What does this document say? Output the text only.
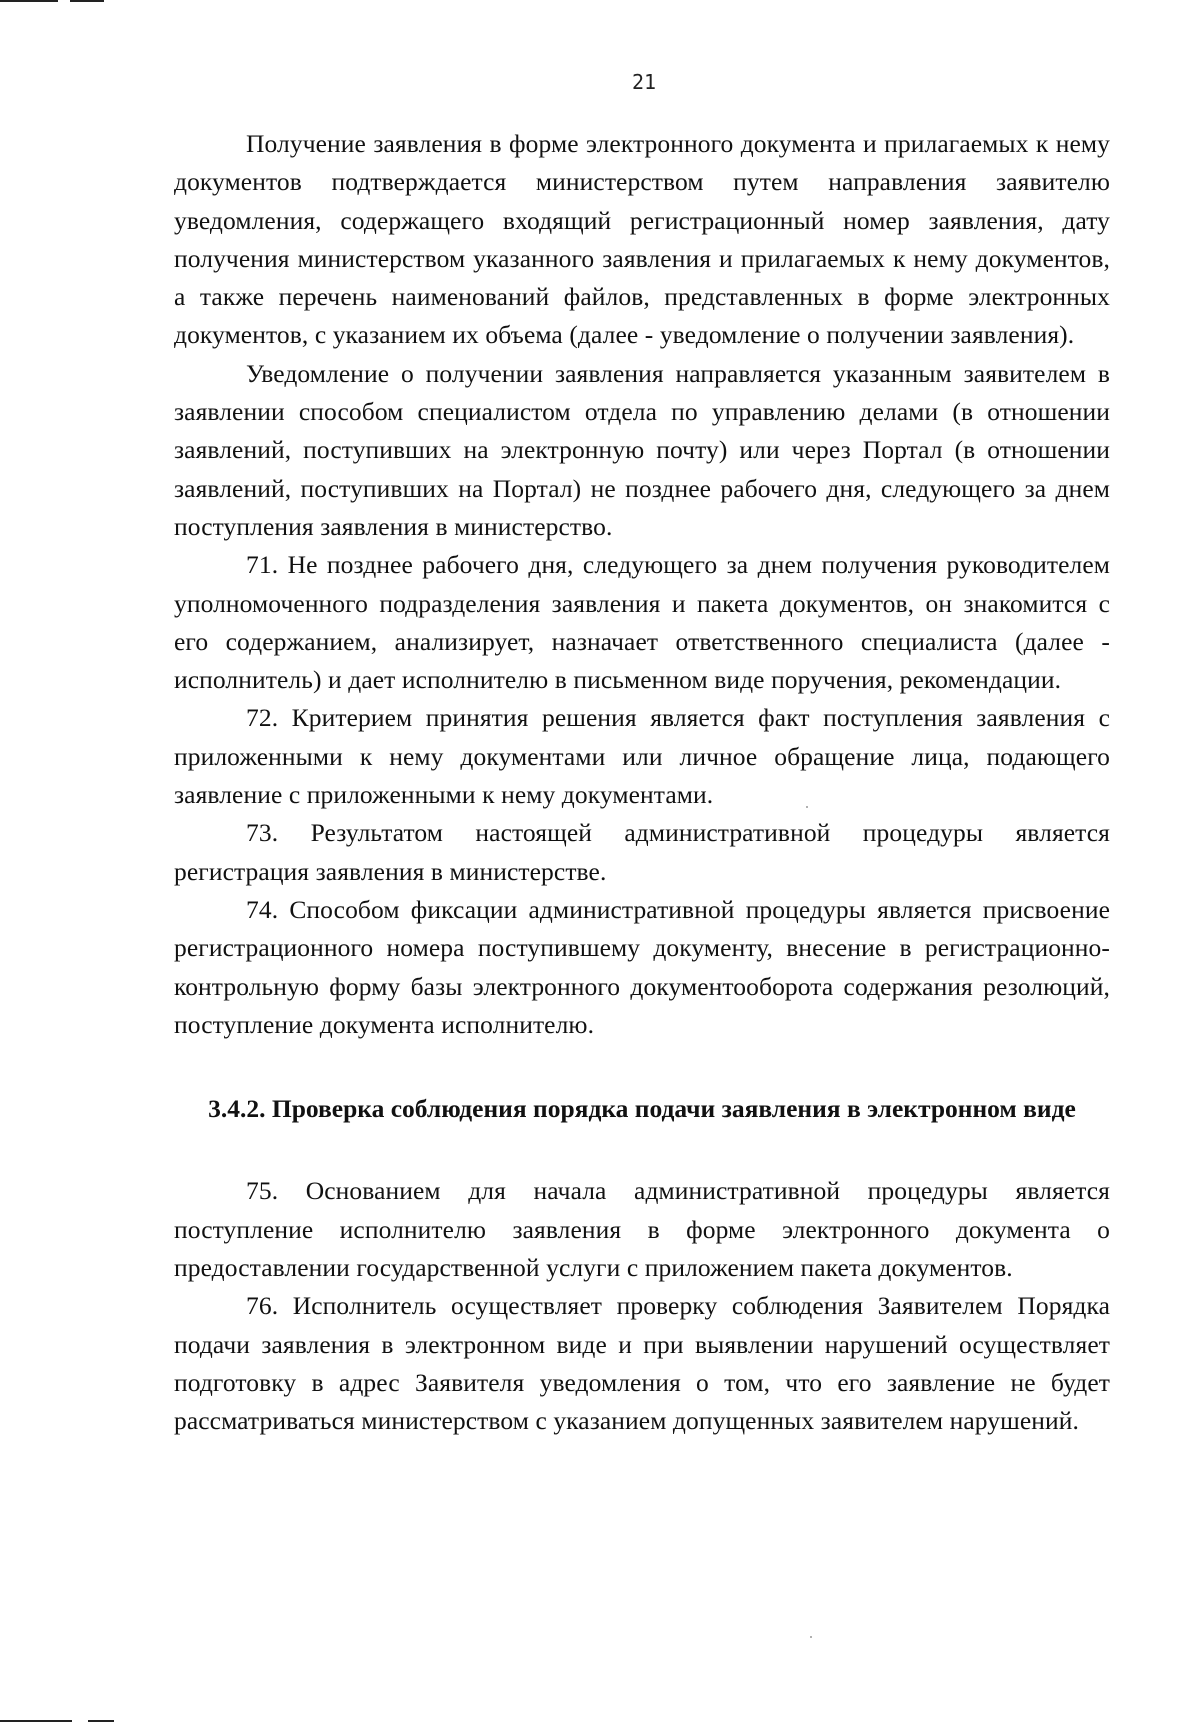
21

Получение заявления в форме электронного документа и прилагаемых к нему документов подтверждается министерством путем направления заявителю уведомления, содержащего входящий регистрационный номер заявления, дату получения министерством указанного заявления и прилагаемых к нему документов, а также перечень наименований файлов, представленных в форме электронных документов, с указанием их объема (далее - уведомление о получении заявления).

Уведомление о получении заявления направляется указанным заявителем в заявлении способом специалистом отдела по управлению делами (в отношении заявлений, поступивших на электронную почту) или через Портал (в отношении заявлений, поступивших на Портал) не позднее рабочего дня, следующего за днем поступления заявления в министерство.

71. Не позднее рабочего дня, следующего за днем получения руководителем уполномоченного подразделения заявления и пакета документов, он знакомится с его содержанием, анализирует, назначает ответственного специалиста (далее - исполнитель) и дает исполнителю в письменном виде поручения, рекомендации.

72. Критерием принятия решения является факт поступления заявления с приложенными к нему документами или личное обращение лица, подающего заявление с приложенными к нему документами.

73. Результатом настоящей административной процедуры является регистрация заявления в министерстве.

74. Способом фиксации административной процедуры является присвоение регистрационного номера поступившему документу, внесение в регистрационно-контрольную форму базы электронного документооборота содержания резолюций, поступление документа исполнителю.

3.4.2. Проверка соблюдения порядка подачи заявления в электронном виде

75. Основанием для начала административной процедуры является поступление исполнителю заявления в форме электронного документа о предоставлении государственной услуги с приложением пакета документов.

76. Исполнитель осуществляет проверку соблюдения Заявителем Порядка подачи заявления в электронном виде и при выявлении нарушений осуществляет подготовку в адрес Заявителя уведомления о том, что его заявление не будет рассматриваться министерством с указанием допущенных заявителем нарушений.
